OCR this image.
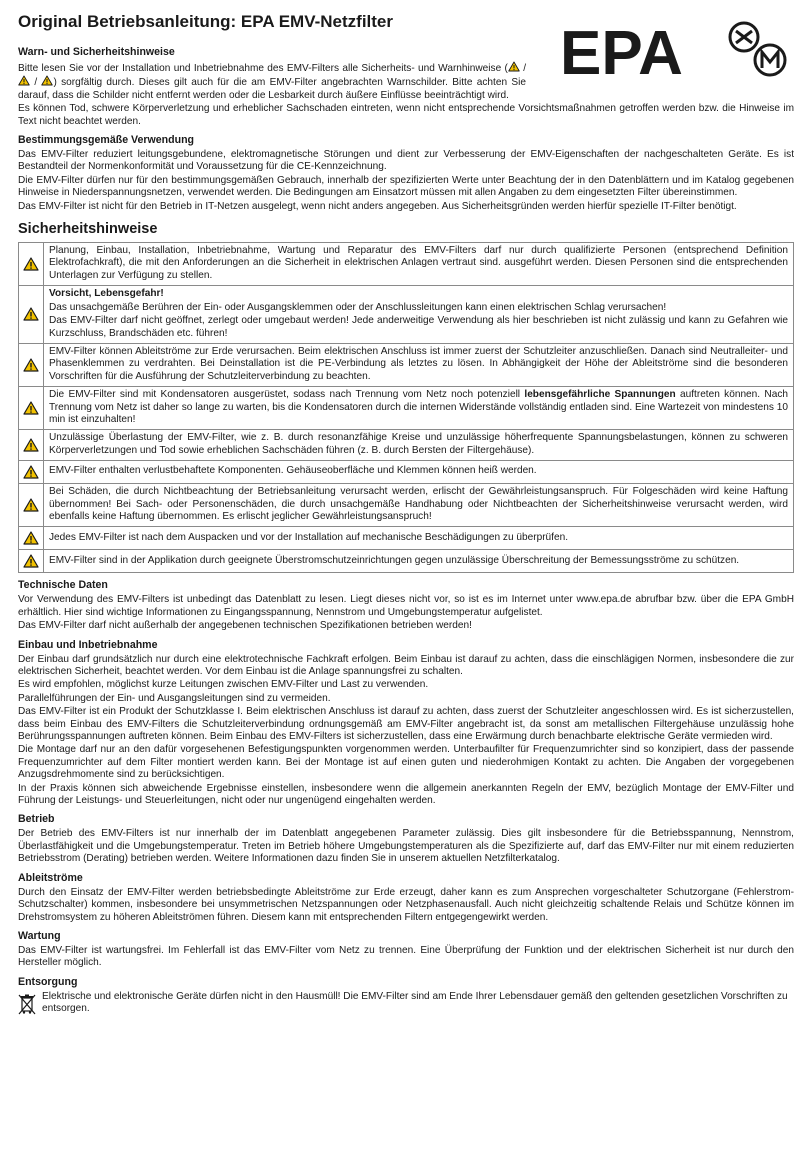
Original Betriebsanleitung: EPA EMV-Netzfilter	EPA
Warn- und Sicherheitshinweise

Bitte lesen Sie vor der Installation und Inbetriebnahme des EMV-Filters alle Sicherheits- und Warnhinweise ( /  / ) sorgfältig durch. Dieses gilt auch für die am EMV-Filter angebrachten Warnschilder. Bitte achten Sie darauf, dass die Schilder nicht entfernt werden oder die Lesbarkeit durch äußere Einflüsse beeinträchtigt wird.

Es können Tod, schwere Körperverletzung und erheblicher Sachschaden eintreten, wenn nicht entsprechende Vorsichtsmaßnahmen getroffen werden bzw. die Hinweise im Text nicht beachtet werden.

Bestimmungsgemäße Verwendung

Das EMV-Filter reduziert leitungsgebundene, elektromagnetische Störungen und dient zur Verbesserung der EMV-Eigenschaften der nachgeschalteten Geräte. Es ist Bestandteil der Normenkonformität und Voraussetzung für die CE-Kennzeichnung.

Die EMV-Filter dürfen nur für den bestimmungsgemäßen Gebrauch, innerhalb der spezifizierten Werte unter Beachtung der in den Datenblättern und im Katalog gegebenen Hinweise in Niederspannungsnetzen, verwendet werden. Die Bedingungen am Einsatzort müssen mit allen Angaben zu dem eingesetzten Filter übereinstimmen.

Das EMV-Filter ist nicht für den Betrieb in IT-Netzen ausgelegt, wenn nicht anders angegeben. Aus Sicherheitsgründen werden hierfür spezielle IT-Filter benötigt.

Sicherheitshinweise

Planung, Einbau, Installation, Inbetriebnahme, Wartung und Reparatur des EMV-Filters darf nur durch qualifizierte Personen (entsprechend Definition Elektrofachkraft), die mit den Anforderungen an die Sicherheit in elektrischen Anlagen vertraut sind. ausgeführt werden. Diesen Personen sind die entsprechenden Unterlagen zur Verfügung zu stellen.

Vorsicht, Lebensgefahr!

Das unsachgemäße Berühren der Ein- oder Ausgangsklemmen oder der Anschlussleitungen kann einen elektrischen Schlag verursachen!

Das EMV-Filter darf nicht geöffnet, zerlegt oder umgebaut werden! Jede anderweitige Verwendung als hier beschrieben ist nicht zulässig und kann zu Gefahren wie Kurzschluss, Brandschäden etc. führen!

EMV-Filter können Ableitströme zur Erde verursachen. Beim elektrischen Anschluss ist immer zuerst der Schutzleiter anzuschließen. Danach sind Neutralleiter- und Phasenklemmen zu verdrahten. Bei Deinstallation ist die PE-Verbindung als letztes zu lösen. In Abhängigkeit der Höhe der Ableitströme sind die besonderen Vorschriften für die Ausführung der Schutzleiterverbindung zu beachten.

Die EMV-Filter sind mit Kondensatoren ausgerüstet, sodass nach Trennung vom Netz noch potenziell lebensgefährliche Spannungen auftreten können. Nach Trennung vom Netz ist daher so lange zu warten, bis die Kondensatoren durch die internen Widerstände vollständig entladen sind. Eine Wartezeit von mindestens 10 min ist einzuhalten!

Unzulässige Überlastung der EMV-Filter, wie z. B. durch resonanzfähige Kreise und unzulässige höherfrequente Spannungsbelastungen, können zu schweren Körperverletzungen und Tod sowie erheblichen Sachschäden führen (z. B. durch Bersten der Filtergehäuse).

EMV-Filter enthalten verlustbehaftete Komponenten. Gehäuseoberfläche und Klemmen können heiß werden.

Bei Schäden, die durch Nichtbeachtung der Betriebsanleitung verursacht werden, erlischt der Gewährleistungsanspruch. Für Folgeschäden wird keine Haftung übernommen! Bei Sach- oder Personenschäden, die durch unsachgemäße Handhabung oder Nichtbeachten der Sicherheitshinweise verursacht werden, wird ebenfalls keine Haftung übernommen. Es erlischt jeglicher Gewährleistungsanspruch!

Jedes EMV-Filter ist nach dem Auspacken und vor der Installation auf mechanische Beschädigungen zu überprüfen.

EMV-Filter sind in der Applikation durch geeignete Überstromschutzeinrichtungen gegen unzulässige Überschreitung der Bemessungsströme zu schützen.

Technische Daten

Vor Verwendung des EMV-Filters ist unbedingt das Datenblatt zu lesen. Liegt dieses nicht vor, so ist es im Internet unter www.epa.de abrufbar bzw. über die EPA GmbH erhältlich. Hier sind wichtige Informationen zu Eingangsspannung, Nennstrom und Umgebungstemperatur aufgelistet.

Das EMV-Filter darf nicht außerhalb der angegebenen technischen Spezifikationen betrieben werden!

Einbau und Inbetriebnahme

Der Einbau darf grundsätzlich nur durch eine elektrotechnische Fachkraft erfolgen. Beim Einbau ist darauf zu achten, dass die einschlägigen Normen, insbesondere die zur elektrischen Sicherheit, beachtet werden. Vor dem Einbau ist die Anlage spannungsfrei zu schalten.

Es wird empfohlen, möglichst kurze Leitungen zwischen EMV-Filter und Last zu verwenden.

Parallelführungen der Ein- und Ausgangsleitungen sind zu vermeiden.

Das EMV-Filter ist ein Produkt der Schutzklasse I. Beim elektrischen Anschluss ist darauf zu achten, dass zuerst der Schutzleiter angeschlossen wird. Es ist sicherzustellen, dass beim Einbau des EMV-Filters die Schutzleiterverbindung ordnungsgemäß am EMV-Filter angebracht ist, da sonst am metallischen Filtergehäuse unzulässig hohe Berührungsspannungen auftreten können. Beim Einbau des EMV-Filters ist sicherzustellen, dass eine Erwärmung durch benachbarte elektrische Geräte vermieden wird.

Die Montage darf nur an den dafür vorgesehenen Befestigungspunkten vorgenommen werden. Unterbaufilter für Frequenzumrichter sind so konzipiert, dass der passende Frequenzumrichter auf dem Filter montiert werden kann. Bei der Montage ist auf einen guten und niederohmigen Kontakt zu achten. Die Angaben der vorgegebenen Anzugsdrehmomente sind zu berücksichtigen.

In der Praxis können sich abweichende Ergebnisse einstellen, insbesondere wenn die allgemein anerkannten Regeln der EMV, bezüglich Montage der EMV-Filter und Führung der Leistungs- und Steuerleitungen, nicht oder nur ungenügend eingehalten werden.

Betrieb

Der Betrieb des EMV-Filters ist nur innerhalb der im Datenblatt angegebenen Parameter zulässig. Dies gilt insbesondere für die Betriebsspannung, Nennstrom, Überlastfähigkeit und die Umgebungstemperatur. Treten im Betrieb höhere Umgebungstemperaturen als die Spezifizierte auf, darf das EMV-Filter nur mit einem reduzierten Betriebsstrom (Derating) betrieben werden. Weitere Informationen dazu finden Sie in unserem aktuellen Netzfilterkatalog.

Ableitströme

Durch den Einsatz der EMV-Filter werden betriebsbedingte Ableitströme zur Erde erzeugt, daher kann es zum Ansprechen vorgeschalteter Schutzorgane (Fehlerstrom-Schutzschalter) kommen, insbesondere bei unsymmetrischen Netzspannungen oder Netzphasenausfall. Auch nicht gleichzeitig schaltende Relais und Schütze können im Drehstromsystem zu höheren Ableitströmen führen. Diesem kann mit entsprechenden Filtern entgegengewirkt werden.

Wartung

Das EMV-Filter ist wartungsfrei. Im Fehlerfall ist das EMV-Filter vom Netz zu trennen. Eine Überprüfung der Funktion und der elektrischen Sicherheit ist nur durch den Hersteller möglich.

Entsorgung

Elektrische und elektronische Geräte dürfen nicht in den Hausmüll! Die EMV-Filter sind am Ende Ihrer Lebensdauer gemäß den geltenden gesetzlichen Vorschriften zu entsorgen.
